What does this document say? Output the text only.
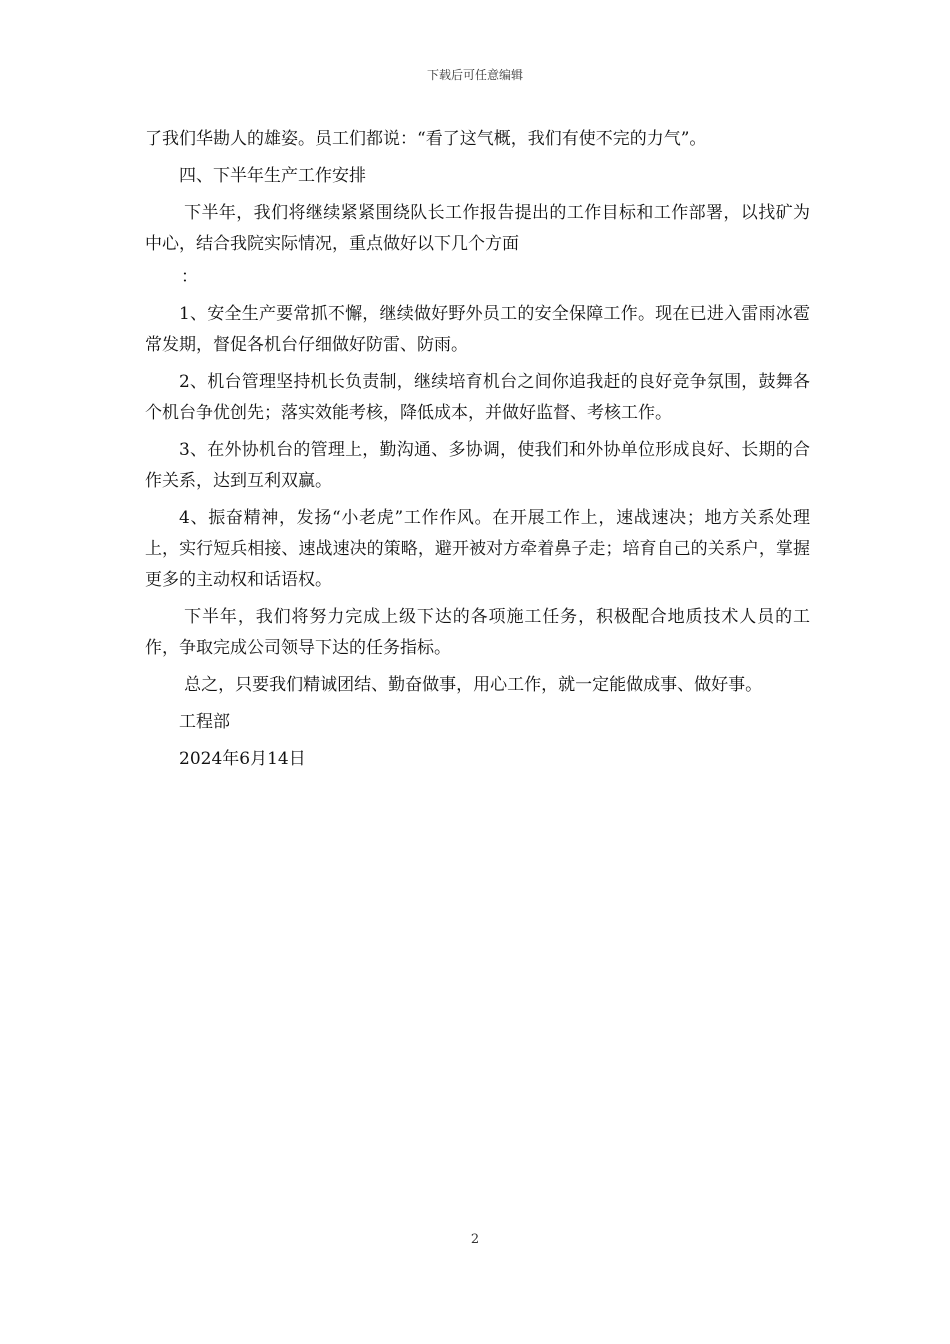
下载后可任意编辑

了我们华勘人的雄姿。员工们都说：“看了这气概，我们有使不完的力气”。

四、下半年生产工作安排

下半年，我们将继续紧紧围绕队长工作报告提出的工作目标和工作部署，以找矿为中心，结合我院实际情况，重点做好以下几个方面

：

1、安全生产要常抓不懈，继续做好野外员工的安全保障工作。现在已进入雷雨冰雹常发期，督促各机台仔细做好防雷、防雨。

2、机台管理坚持机长负责制，继续培育机台之间你追我赶的良好竞争氛围，鼓舞各个机台争优创先；落实效能考核，降低成本，并做好监督、考核工作。

3、在外协机台的管理上，勤沟通、多协调，使我们和外协单位形成良好、长期的合作关系，达到互利双赢。

4、振奋精神，发扬“小老虎”工作作风。在开展工作上，速战速决；地方关系处理上，实行短兵相接、速战速决的策略，避开被对方牵着鼻子走；培育自己的关系户，掌握更多的主动权和话语权。

下半年，我们将努力完成上级下达的各项施工任务，积极配合地质技术人员的工作，争取完成公司领导下达的任务指标。

总之，只要我们精诚团结、勤奋做事，用心工作，就一定能做成事、做好事。

工程部

2024年6月14日

2
